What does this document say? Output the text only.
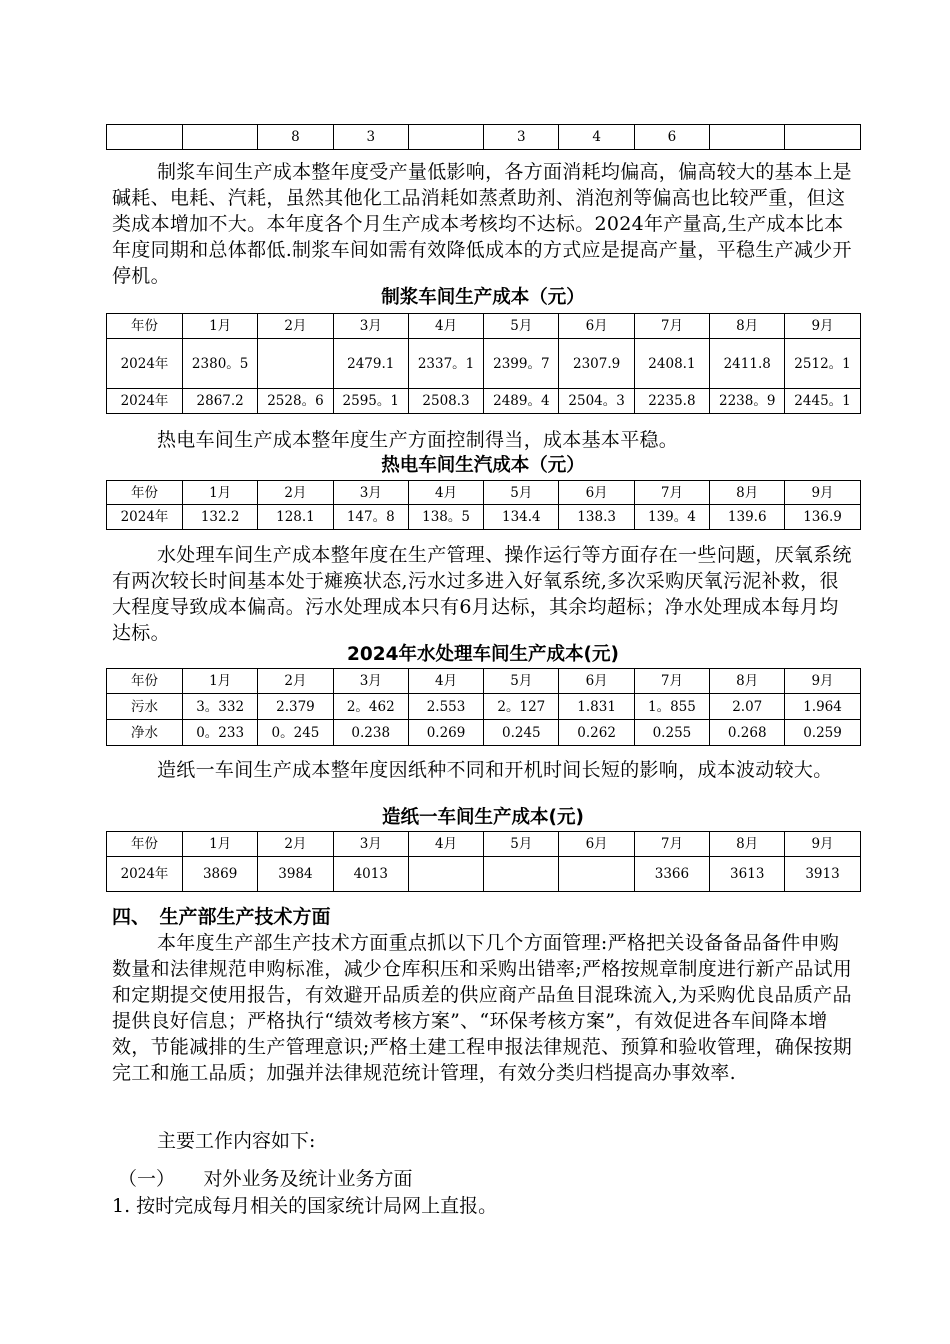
		8	3		3	4	6		

制浆车间生产成本整年度受产量低影响，各方面消耗均偏高，偏高较大的基本上是碱耗、电耗、汽耗，虽然其他化工品消耗如蒸煮助剂、消泡剂等偏高也比较严重，但这类成本增加不大。本年度各个月生产成本考核均不达标。2024年产量高,生产成本比本年度同期和总体都低.制浆车间如需有效降低成本的方式应是提高产量，平稳生产减少开停机。

制浆车间生产成本（元）
年份	1月	2月	3月	4月	5月	6月	7月	8月	9月
2024年	2380。5		2479.1	2337。1	2399。7	2307.9	2408.1	2411.8	2512。1
2024年	2867.2	2528。6	2595。1	2508.3	2489。4	2504。3	2235.8	2238。9	2445。1

热电车间生产成本整年度生产方面控制得当，成本基本平稳。

热电车间生汽成本（元）
年份	1月	2月	3月	4月	5月	6月	7月	8月	9月
2024年	132.2	128.1	147。8	138。5	134.4	138.3	139。4	139.6	136.9

水处理车间生产成本整年度在生产管理、操作运行等方面存在一些问题，厌氧系统有两次较长时间基本处于瘫痪状态,污水过多进入好氧系统,多次采购厌氧污泥补救，很大程度导致成本偏高。污水处理成本只有6月达标，其余均超标；净水处理成本每月均达标。

2024年水处理车间生产成本(元)
年份	1月	2月	3月	4月	5月	6月	7月	8月	9月
污水	3。332	2.379	2。462	2.553	2。127	1.831	1。855	2.07	1.964
净水	0。233	0。245	0.238	0.269	0.245	0.262	0.255	0.268	0.259

造纸一车间生产成本整年度因纸种不同和开机时间长短的影响，成本波动较大。

造纸一车间生产成本(元)
年份	1月	2月	3月	4月	5月	6月	7月	8月	9月
2024年	3869	3984	4013				3366	3613	3913
四、　生产部生产技术方面

本年度生产部生产技术方面重点抓以下几个方面管理:严格把关设备备品备件申购数量和法律规范申购标准，减少仓库积压和采购出错率;严格按规章制度进行新产品试用和定期提交使用报告，有效避开品质差的供应商产品鱼目混珠流入,为采购优良品质产品提供良好信息；严格执行“绩效考核方案”、“环保考核方案”，有效促进各车间降本增效，节能减排的生产管理意识;严格土建工程申报法律规范、预算和验收管理，确保按期完工和施工品质；加强并法律规范统计管理，有效分类归档提高办事效率.

主要工作内容如下:
（一）　　对外业务及统计业务方面
1. 按时完成每月相关的国家统计局网上直报。
